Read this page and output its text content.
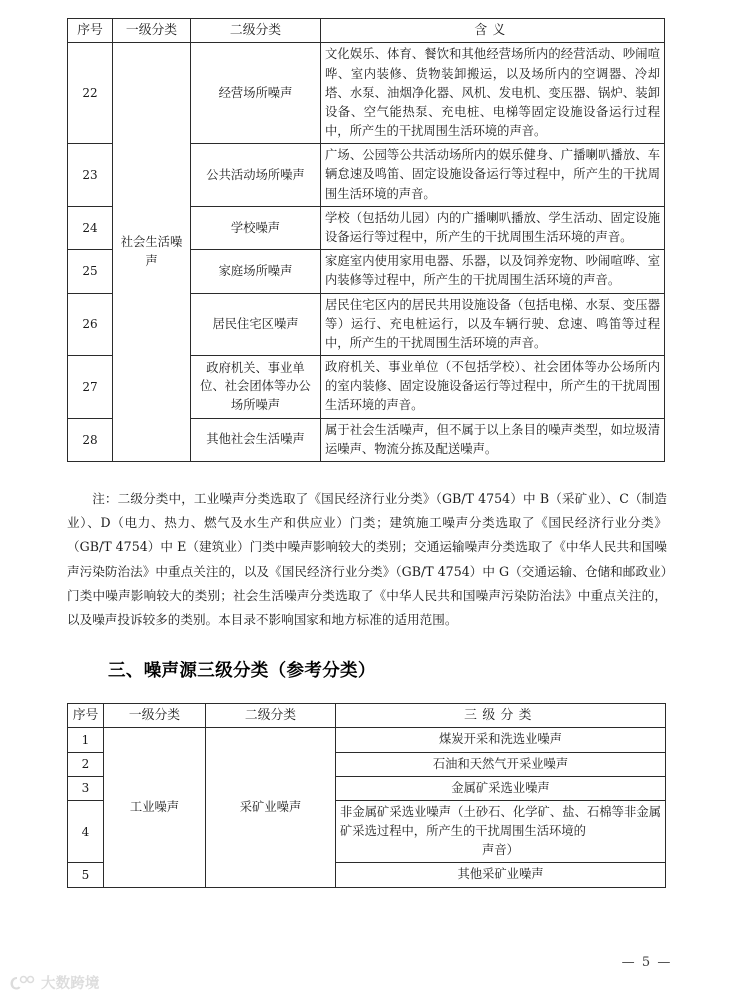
序号	一级分类	二级分类	含义
22	社会生活噪声	经营场所噪声	文化娱乐、体育、餐饮和其他经营场所内的经营活动、吵闹喧哗、室内装修、货物装卸搬运，以及场所内的空调器、冷却塔、水泵、油烟净化器、风机、发电机、变压器、锅炉、装卸设备、空气能热泵、充电桩、电梯等固定设施设备运行过程中，所产生的干扰周围生活环境的声音。
23		公共活动场所噪声	广场、公园等公共活动场所内的娱乐健身、广播喇叭播放、车辆怠速及鸣笛、固定设施设备运行等过程中，所产生的干扰周围生活环境的声音。
24		学校噪声	学校（包括幼儿园）内的广播喇叭播放、学生活动、固定设施设备运行等过程中，所产生的干扰周围生活环境的声音。
25		家庭场所噪声	家庭室内使用家用电器、乐器，以及饲养宠物、吵闹喧哗、室内装修等过程中，所产生的干扰周围生活环境的声音。
26		居民住宅区噪声	居民住宅区内的居民共用设施设备（包括电梯、水泵、变压器等）运行、充电桩运行，以及车辆行驶、怠速、鸣笛等过程中，所产生的干扰周围生活环境的声音。
27		政府机关、事业单位、社会团体等办公场所噪声	政府机关、事业单位（不包括学校）、社会团体等办公场所内的室内装修、固定设施设备运行等过程中，所产生的干扰周围生活环境的声音。
28		其他社会生活噪声	属于社会生活噪声，但不属于以上条目的噪声类型，如垃圾清运噪声、物流分拣及配送噪声。
注：二级分类中，工业噪声分类选取了《国民经济行业分类》（GB/T 4754）中 B（采矿业）、C（制造业）、D（电力、热力、燃气及水生产和供应业）门类；建筑施工噪声分类选取了《国民经济行业分类》（GB/T 4754）中 E（建筑业）门类中噪声影响较大的类别；交通运输噪声分类选取了《中华人民共和国噪声污染防治法》中重点关注的，以及《国民经济行业分类》（GB/T 4754）中 G（交通运输、仓储和邮政业）门类中噪声影响较大的类别；社会生活噪声分类选取了《中华人民共和国噪声污染防治法》中重点关注的，以及噪声投诉较多的类别。本目录不影响国家和地方标准的适用范围。
三、噪声源三级分类（参考分类）
序号	一级分类	二级分类	三级分类
1	工业噪声	采矿业噪声	煤炭开采和洗选业噪声
2			石油和天然气开采业噪声
3			金属矿采选业噪声
4			非金属矿采选业噪声（土砂石、化学矿、盐、石棉等非金属矿采选过程中，所产生的干扰周围生活环境的
声音）

5			其他采矿业噪声
— 5 —
大数跨境
